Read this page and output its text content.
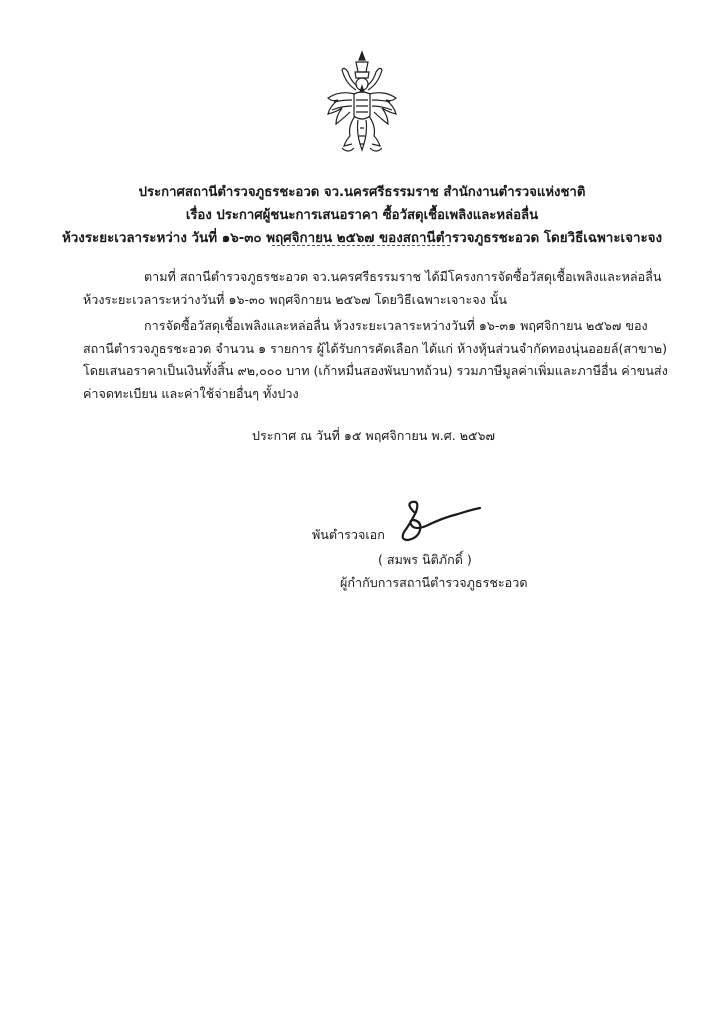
ประกาศสถานีตำรวจภูธรชะอวด จว.นครศรีธรรมราช สำนักงานตำรวจแห่งชาติ
เรื่อง ประกาศผู้ชนะการเสนอราคา ซื้อวัสดุเชื้อเพลิงและหล่อลื่น
ห้วงระยะเวลาระหว่าง วันที่ ๑๖-๓๐ พฤศจิกายน ๒๕๖๗ ของสถานีตำรวจภูธรชะอวด โดยวิธีเฉพาะเจาะจง
ตามที่ สถานีตำรวจภูธรชะอวด จว.นครศรีธรรมราช ได้มีโครงการจัดซื้อวัสดุเชื้อเพลิงและหล่อลื่น
ห้วงระยะเวลาระหว่างวันที่ ๑๖-๓๐ พฤศจิกายน ๒๕๖๗ โดยวิธีเฉพาะเจาะจง นั้น
การจัดซื้อวัสดุเชื้อเพลิงและหล่อลื่น ห้วงระยะเวลาระหว่างวันที่ ๑๖-๓๑ พฤศจิกายน ๒๕๖๗ ของ
สถานีตำรวจภูธรชะอวด จำนวน ๑ รายการ ผู้ได้รับการคัดเลือก ได้แก่ ห้างหุ้นส่วนจำกัดทองนุ่นออยล์(สาขา๒)
โดยเสนอราคาเป็นเงินทั้งสิ้น ๙๒,๐๐๐ บาท (เก้าหมื่นสองพันบาทถ้วน) รวมภาษีมูลค่าเพิ่มและภาษีอื่น ค่าขนส่ง
ค่าจดทะเบียน และค่าใช้จ่ายอื่นๆ ทั้งปวง
ประกาศ ณ วันที่ ๑๕ พฤศจิกายน พ.ศ. ๒๕๖๗
พันตำรวจเอก
( สมพร นิติภักดิ์ )
ผู้กำกับการสถานีตำรวจภูธรชะอวด
